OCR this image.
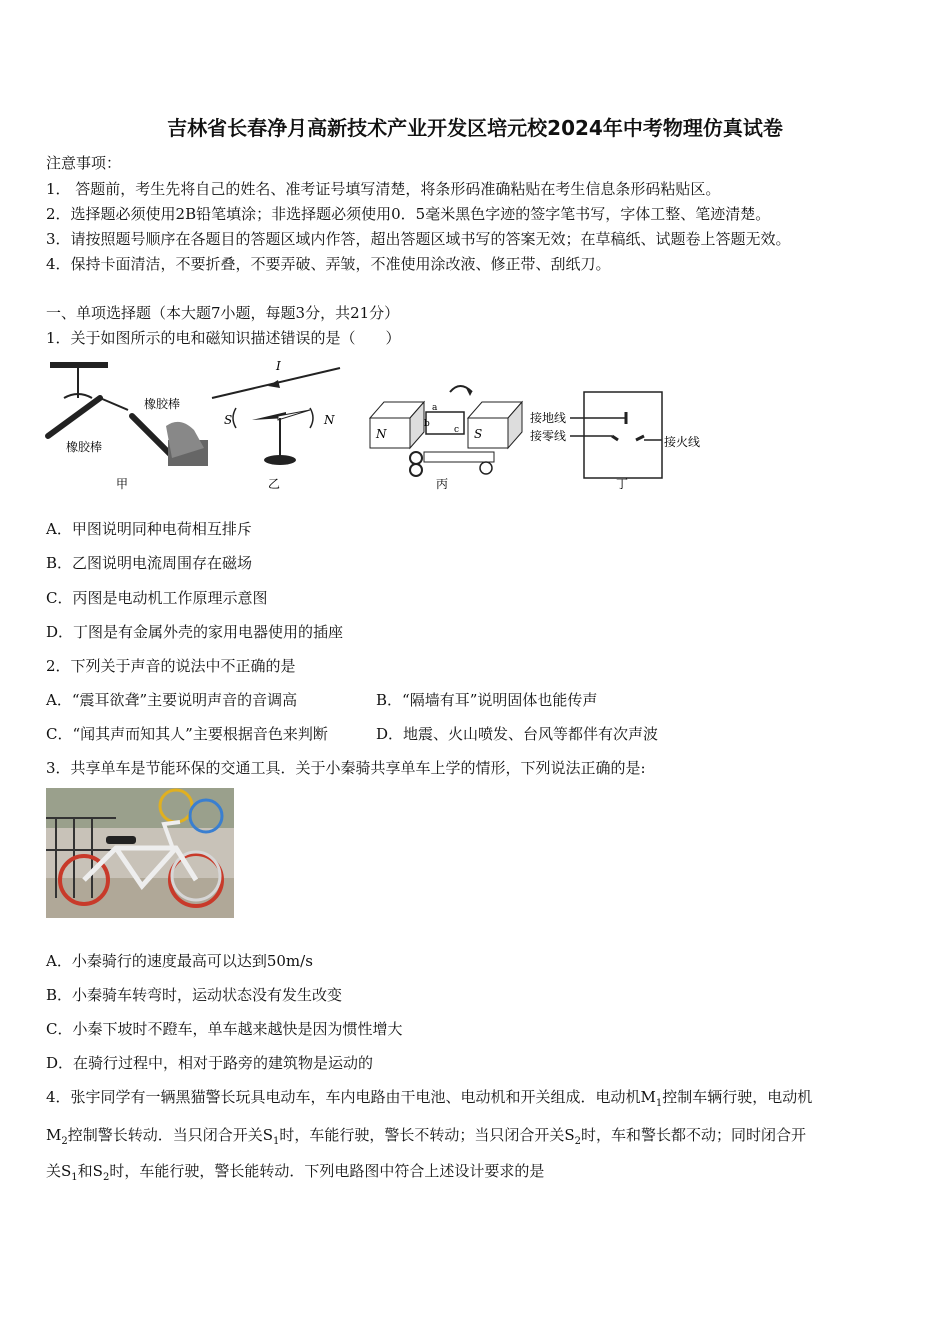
吉林省长春净月高新技术产业开发区培元校2024年中考物理仿真试卷
注意事项：
1． 答题前，考生先将自己的姓名、准考证号填写清楚，将条形码准确粘贴在考生信息条形码粘贴区。
2．选择题必须使用2B铅笔填涂；非选择题必须使用0．5毫米黑色字迹的签字笔书写，字体工整、笔迹清楚。
3．请按照题号顺序在各题目的答题区域内作答，超出答题区域书写的答案无效；在草稿纸、试题卷上答题无效。
4．保持卡面清洁，不要折叠，不要弄破、弄皱，不准使用涂改液、修正带、刮纸刀。
一、单项选择题（本大题7小题，每题3分，共21分）
1．关于如图所示的电和磁知识描述错误的是（　　）
橡胶棒
橡胶棒
甲
I
S	N
乙
N	S
a
b
c
丙
接地线
接零线	接火线
丁
A．甲图说明同种电荷相互排斥
B．乙图说明电流周围存在磁场
C．丙图是电动机工作原理示意图
D．丁图是有金属外壳的家用电器使用的插座
2．下列关于声音的说法中不正确的是
A．“震耳欲聋”主要说明声音的音调高	B．“隔墙有耳”说明固体也能传声
C．“闻其声而知其人”主要根据音色来判断	D．地震、火山喷发、台风等都伴有次声波
3．共享单车是节能环保的交通工具．关于小秦骑共享单车上学的情形，下列说法正确的是:
A．小秦骑行的速度最高可以达到50m/s
B．小秦骑车转弯时，运动状态没有发生改变
C．小秦下坡时不蹬车，单车越来越快是因为惯性增大
D．在骑行过程中，相对于路旁的建筑物是运动的
4．张宇同学有一辆黑猫警长玩具电动车，车内电路由干电池、电动机和开关组成．电动机$M_1$控制车辆行驶，电动机
$M_2$控制警长转动．当只闭合开关$S_1$时，车能行驶，警长不转动；当只闭合开关$S_2$时，车和警长都不动；同时闭合开
关$S_1$和$S_2$时，车能行驶，警长能转动．下列电路图中符合上述设计要求的是
